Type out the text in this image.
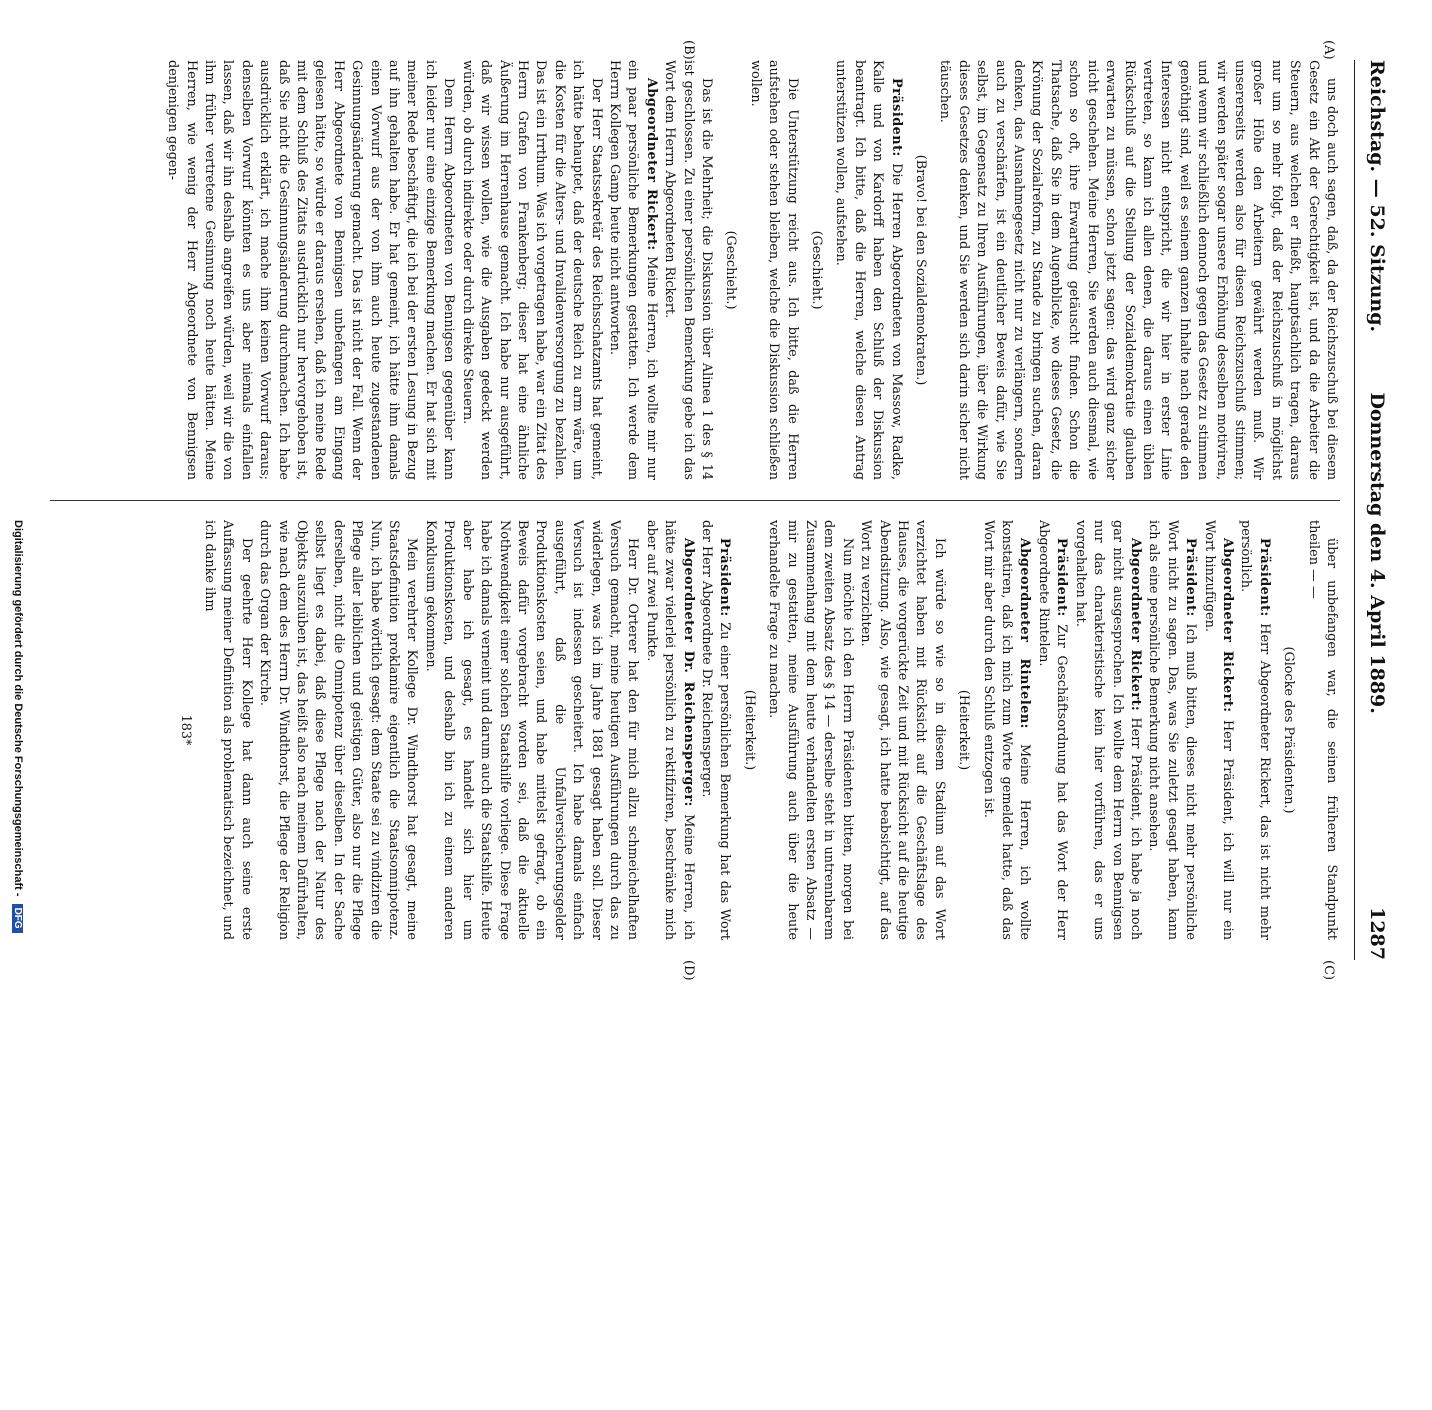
Reichstag. — 52. Sitzung.
Donnerstag den 4. April 1889.  1287
(A)
(B)
(C)
(D)

uns doch auch sagen, daß, da der Reichszuschuß bei diesem Gesetz ein Akt der Gerechtigkeit ist, und da die Arbeiter die Steuern, aus welchen er fließt, hauptsächlich tragen, daraus nur um so mehr folgt, daß der Reichszuschuß in möglichst großer Höhe den Arbeitern gewährt werden muß. Wir unsererseits werden also für diesen Reichszuschuß stimmen; wir werden später sogar unsere Erhöhung desselben motiviren, und wenn wir schließlich dennoch gegen das Gesetz zu stimmen genöthigt sind, weil es seinem ganzen Inhalte nach gerade den Interessen nicht entspricht, die wir hier in erster Linie vertreten, so kann ich allen denen, die daraus einen üblen Rückschluß auf die Stellung der Sozialdemokratie glauben erwarten zu müssen, schon jetzt sagen: das wird ganz sicher nicht geschehen. Meine Herren, Sie werden auch diesmal, wie schon so oft, ihre Erwartung getäuscht finden. Schon die Thatsache, daß Sie in dem Augenblicke, wo dieses Gesetz, die Krönung der Sozialreform, zu Stande zu bringen suchen, daran denken, das Ausnahmegesetz nicht nur zu verlängern, sondern auch zu verschärfen, ist ein deutlicher Beweis dafür, wie Sie selbst, im Gegensatz zu Ihren Ausführungen, über die Wirkung dieses Gesetzes denken, und Sie werden sich darin sicher nicht täuschen.

(Bravo! bei den Sozialdemokraten.)

Präsident: Die Herren Abgeordneten von Massow, Radke, Kalle und von Kardorff haben den Schluß der Diskussion beantragt. Ich bitte, daß die Herren, welche diesen Antrag unterstützen wollen, aufstehen.

(Geschieht.)

Die Unterstützung reicht aus. Ich bitte, daß die Herren aufstehen oder stehen bleiben, welche die Diskussion schließen wollen.

(Geschieht.)

Das ist die Mehrheit; die Diskussion über Alinea 1 des § 14 ist geschlossen. Zu einer persönlichen Bemerkung gebe ich das Wort dem Herrn Abgeordneten Rickert.

Abgeordneter Rickert: Meine Herren, ich wollte mir nur ein paar persönliche Bemerkungen gestatten. Ich werde dem Herrn Kollegen Gamp heute nicht antworten.

Der Herr Staatssekretär des Reichsschatzamts hat gemeint, ich hätte behauptet, daß der deutsche Reich zu arm wäre, um die Kosten für die Alters- und Invalidenversorgung zu bezahlen. Das ist ein Irrthum. Was ich vorgetragen habe, war ein Zitat des Herrn Grafen von Frankenberg; dieser hat eine ähnliche Äußerung im Herrenhause gemacht. Ich habe nur ausgeführt, daß wir wissen wollen, wie die Ausgaben gedeckt werden würden, ob durch indirekte oder durch direkte Steuern.

Dem Herrn Abgeordneten von Bennigsen gegenüber kann ich leider nur eine einzige Bemerkung machen. Er hat sich mit meiner Rede beschäftigt, die ich bei der ersten Lesung in Bezug auf ihn gehalten habe. Er hat gemeint, ich hätte ihm damals einen Vorwurf aus der von ihm auch heute zugestandenen Gesinnungsänderung gemacht. Das ist nicht der Fall. Wenn der Herr Abgeordnete von Bennigsen unbefangen am Eingang gelesen hätte, so würde er daraus ersehen, daß ich meine Rede mit dem Schluß des Zitats ausdrücklich nur hervorgehoben ist, daß Sie nicht die Gesinnungsänderung durchmachen. Ich habe ausdrücklich erklärt, ich mache ihm keinen Vorwurf daraus; denselben Vorwurf könnten es uns aber niemals einfallen lassen, daß wir ihn deshalb angreifen würden, weil wir die von ihm früher vertretene Gesinnung noch heute hätten. Meine Herren, wie wenig der Herr Abgeordnete von Bennigsen denjenigen gegen-

über unbefangen war, die seinen früheren Standpunkt theilen — —

(Glocke des Präsidenten.)

Präsident: Herr Abgeordneter Rickert, das ist nicht mehr persönlich.

Abgeordneter Rickert: Herr Präsident, ich will nur ein Wort hinzufügen.

Präsident: Ich muß bitten, dieses nicht mehr persönliche Wort nicht zu sagen. Das, was Sie zuletzt gesagt haben, kann ich als eine persönliche Bemerkung nicht ansehen.

Abgeordneter Rickert: Herr Präsident, ich habe ja noch gar nicht ausgesprochen. Ich wollte dem Herrn von Bennigsen nur das charakteristische kein hier vorführen, das er uns vorgehalten hat.

Präsident: Zur Geschäftsordnung hat das Wort der Herr Abgeordnete Rintelen.

Abgeordneter Rintelen: Meine Herren, ich wollte konstatiren, daß ich mich zum Worte gemeldet hatte, daß das Wort mir aber durch den Schluß entzogen ist.

(Heiterkeit.)

Ich würde so wie so in diesem Stadium auf das Wort verzichtet haben mit Rücksicht auf die Geschäftslage des Hauses, die vorgerückte Zeit und mit Rücksicht auf die heutige Abendsitzung. Also, wie gesagt, ich hatte beabsichtigt, auf das Wort zu verzichten.

Nun möchte ich den Herrn Präsidenten bitten, morgen bei dem zweiten Absatz des § 14 — derselbe steht in untrennbarem Zusammenhang mit dem heute verhandelten ersten Absatz — mir zu gestatten, meine Ausführung auch über die heute verhandelte Frage zu machen.

(Heiterkeit.)

Präsident: Zu einer persönlichen Bemerkung hat das Wort der Herr Abgeordnete Dr. Reichensperger.

Abgeordneter Dr. Reichensperger: Meine Herren, ich hätte zwar vielerlei persönlich zu rektifiziren, beschränke mich aber auf zwei Punkte.

Herr Dr. Orterer hat den für mich allzu schmeichelhaften Versuch gemacht, meine heutigen Ausführungen durch das zu widerlegen, was ich im Jahre 1881 gesagt haben soll. Dieser Versuch ist indessen gescheitert. Ich habe damals einfach ausgeführt, daß die Unfallversicherungsgelder Produktionskosten seien, und habe mittelst gefragt, ob ein Beweis dafür vorgebracht worden sei, daß die aktuelle Nothwendigkeit einer solchen Staatshilfe vorliege. Diese Frage habe ich damals verneint und darum auch die Staatshilfe. Heute aber habe ich gesagt, es handelt sich hier um Produktionskosten, und deshalb bin ich zu einem anderen Konklusum gekommen.

Mein verehrter Kollege Dr. Windthorst hat gesagt, meine Staatsdefinition proklamire eigentlich die Staatsomnipotenz. Nun, ich habe wörtlich gesagt: dem Staate sei zu vindiziren die Pflege aller leiblichen und geistigen Güter, also nur die Pflege derselben, nicht die Omnipotenz über dieselben. In der Sache selbst liegt es dabei, daß diese Pflege nach der Natur des Objekts auszuüben ist, das heißt also nach meinem Dafürhalten, wie nach dem des Herrn Dr. Windthorst, die Pflege der Religion durch das Organ der Kirche.

Der geehrte Herr Kollege hat dann auch seine erste Auffassung meiner Definition als problematisch bezeichnet, und ich danke ihm

183*

Digitalisierung gefördert durch die Deutsche Forschungsgemeinschaft - DFG
